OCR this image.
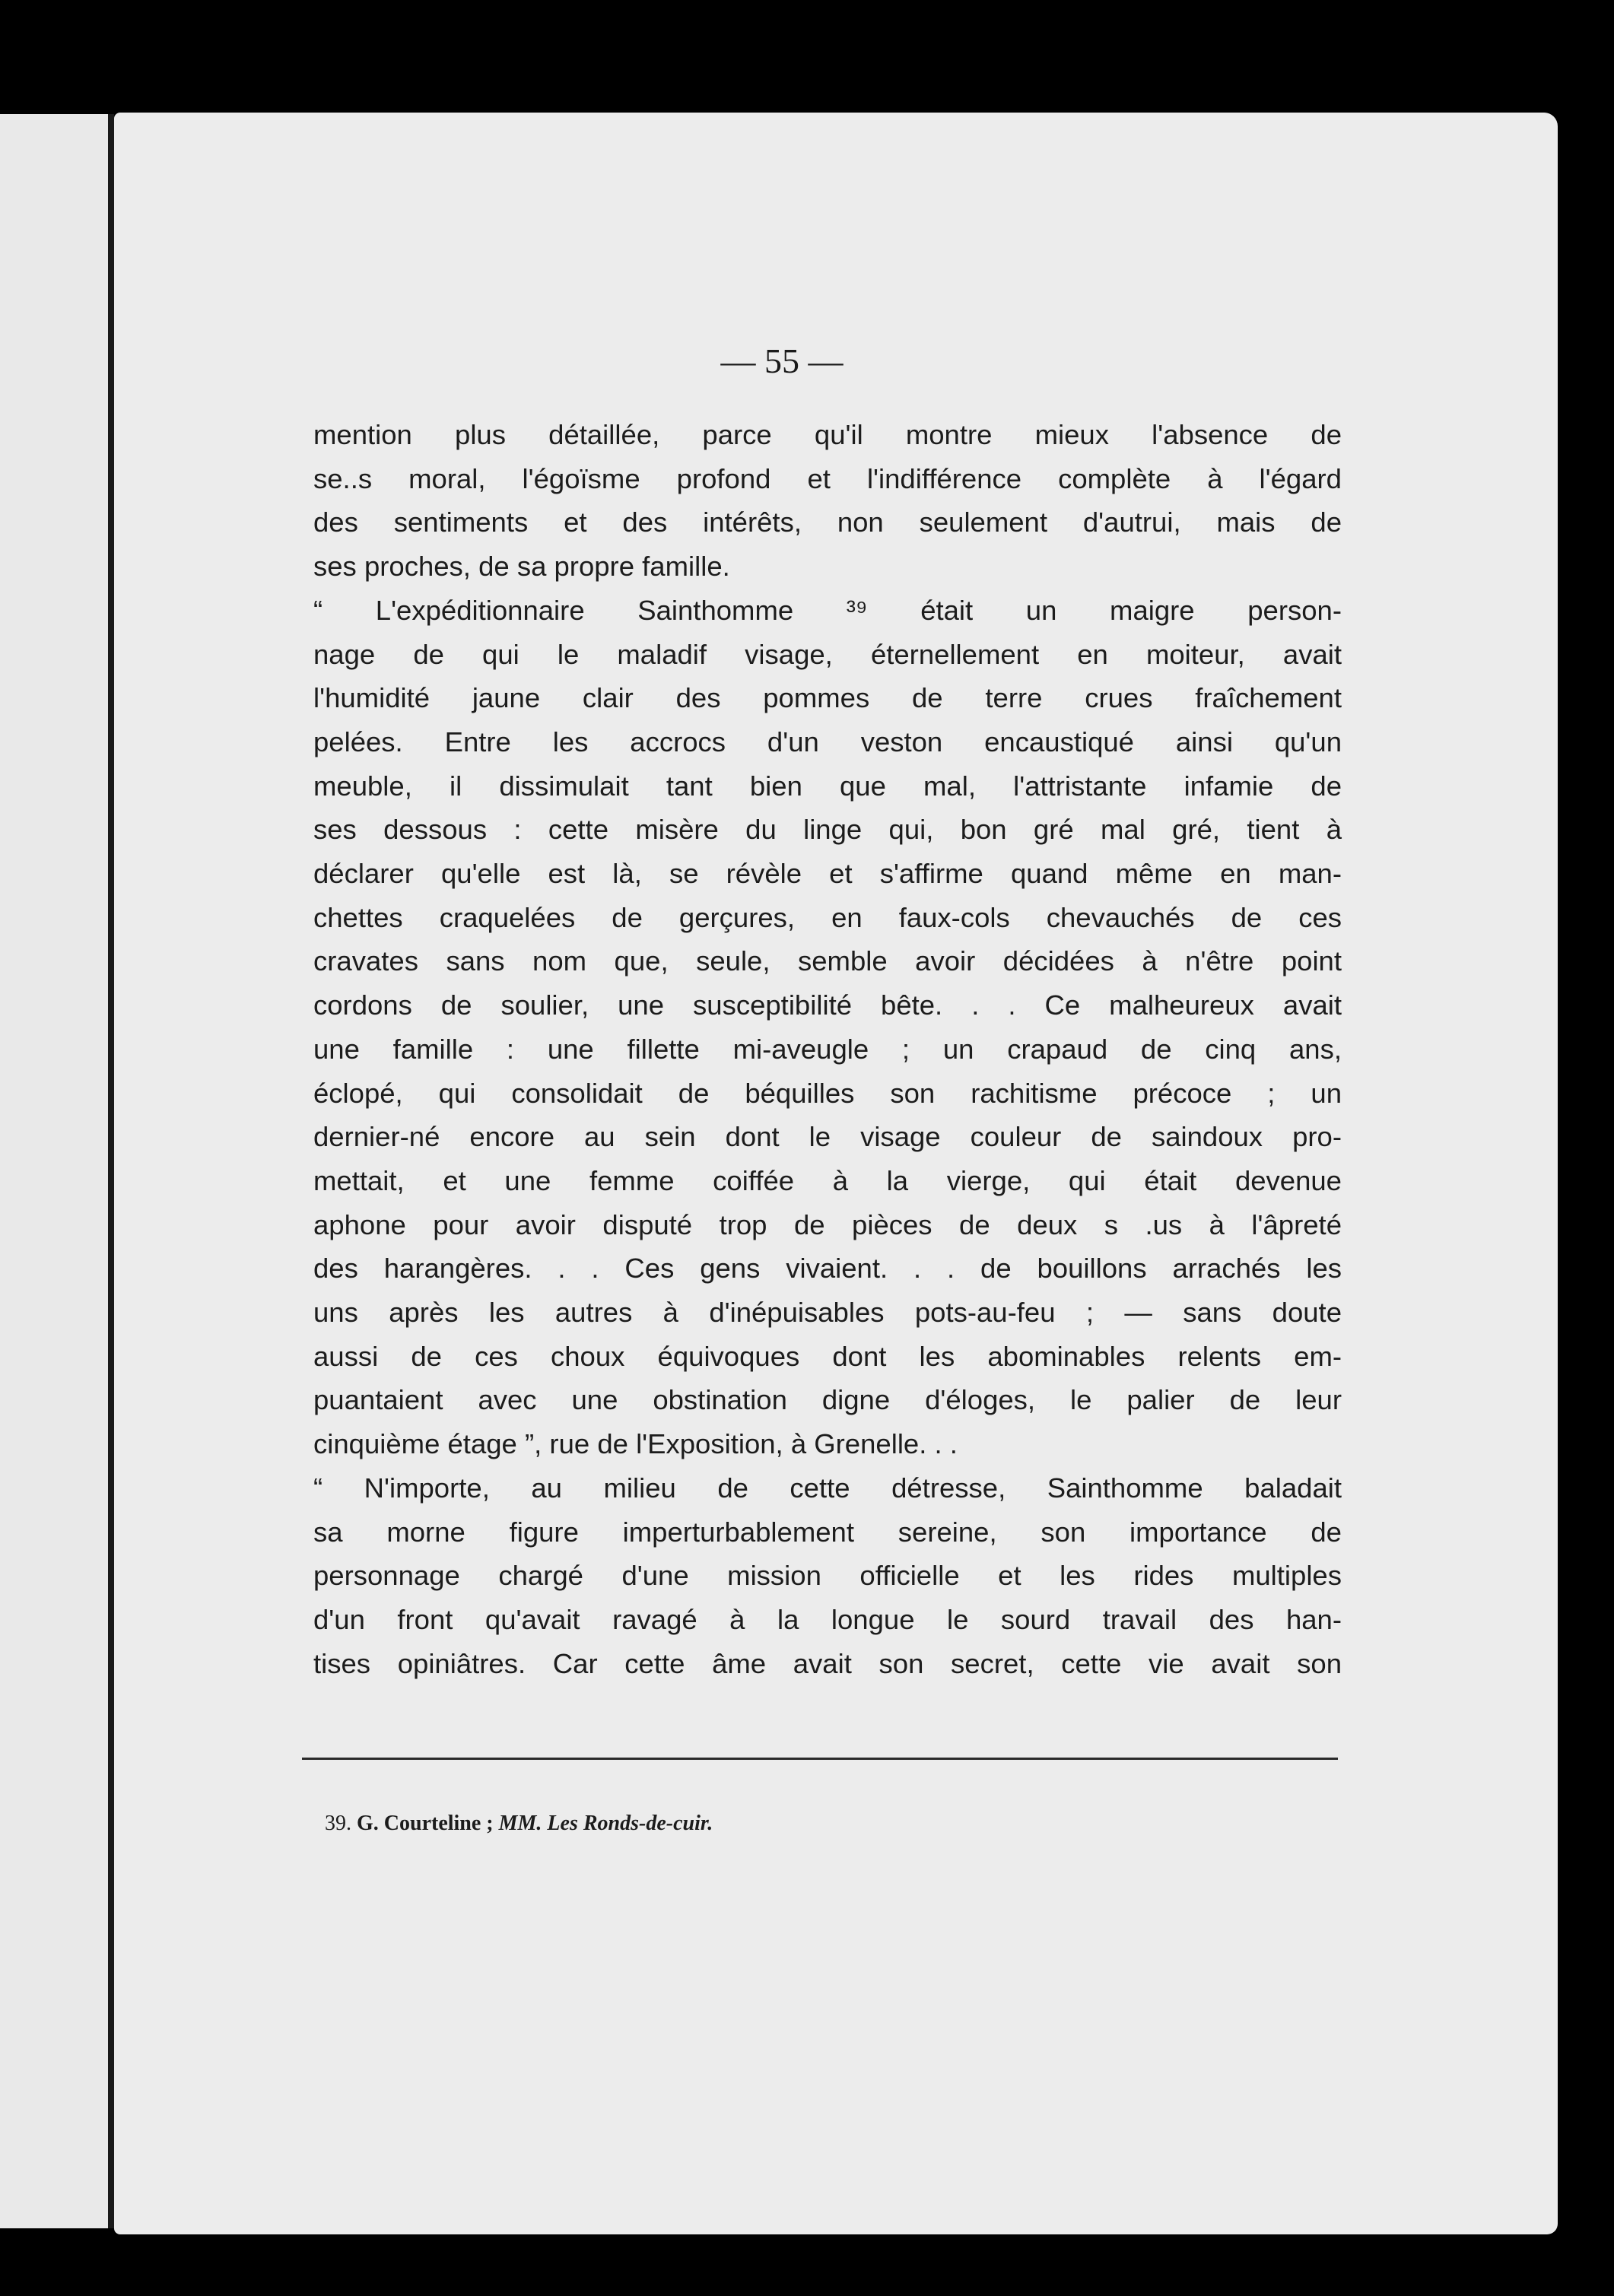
— 55 —

mention plus détaillée, parce qu'il montre mieux l'absence de
se..s moral, l'égoïsme profond et l'indifférence complète à l'égard
des sentiments et des intérêts, non seulement d'autrui, mais de
ses proches, de sa propre famille.
“ L'expéditionnaire Sainthomme ³⁹ était un maigre person-
nage de qui le maladif visage, éternellement en moiteur, avait
l'humidité jaune clair des pommes de terre crues fraîchement
pelées. Entre les accrocs d'un veston encaustiqué ainsi qu'un
meuble, il dissimulait tant bien que mal, l'attristante infamie de
ses dessous : cette misère du linge qui, bon gré mal gré, tient à
déclarer qu'elle est là, se révèle et s'affirme quand même en man-
chettes craquelées de gerçures, en faux-cols chevauchés de ces
cravates sans nom que, seule, semble avoir décidées à n'être point
cordons de soulier, une susceptibilité bête. . . Ce malheureux avait
une famille : une fillette mi-aveugle ; un crapaud de cinq ans,
éclopé, qui consolidait de béquilles son rachitisme précoce ; un
dernier-né encore au sein dont le visage couleur de saindoux pro-
mettait, et une femme coiffée à la vierge, qui était devenue
aphone pour avoir disputé trop de pièces de deux s .us à l'âpreté
des harangères. . . Ces gens vivaient. . . de bouillons arrachés les
uns après les autres à d'inépuisables pots-au-feu ; — sans doute
aussi de ces choux équivoques dont les abominables relents em-
puantaient avec une obstination digne d'éloges, le palier de leur
cinquième étage ”, rue de l'Exposition, à Grenelle. . .
“ N'importe, au milieu de cette détresse, Sainthomme baladait
sa morne figure imperturbablement sereine, son importance de
personnage chargé d'une mission officielle et les rides multiples
d'un front qu'avait ravagé à la longue le sourd travail des han-
tises opiniâtres. Car cette âme avait son secret, cette vie avait son

39. G. Courteline ; MM. Les Ronds-de-cuir.
